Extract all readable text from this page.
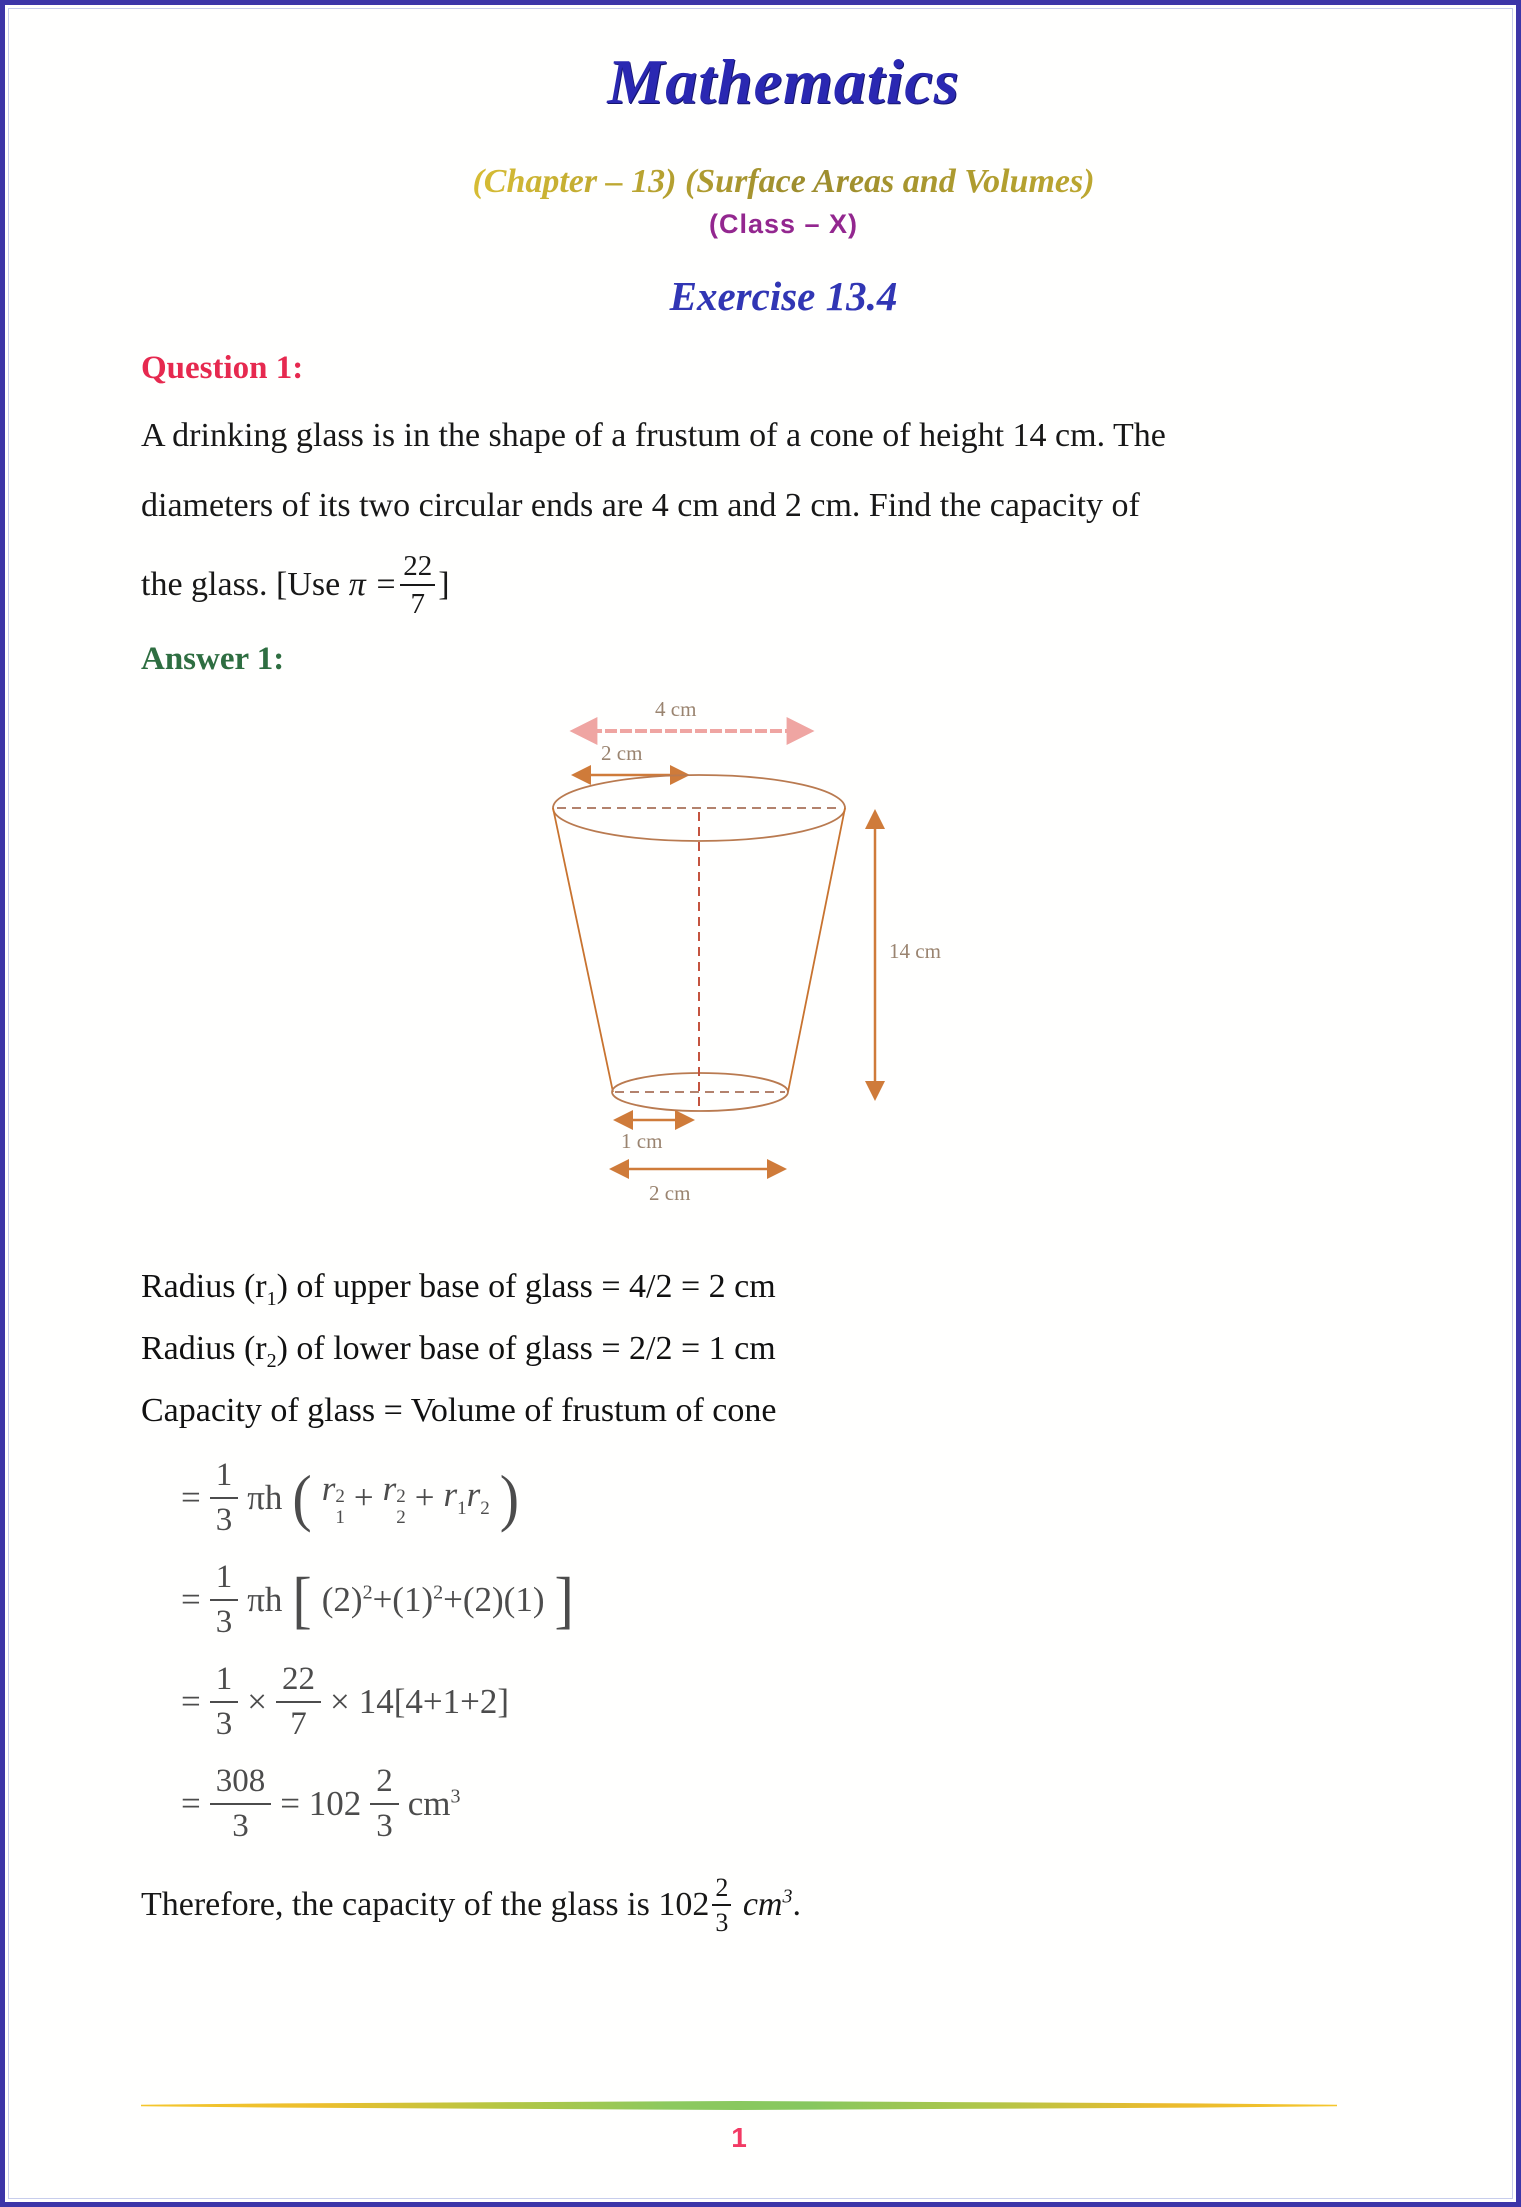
Mathematics
(Chapter – 13) (Surface Areas and Volumes)
(Class – X)
Exercise 13.4
Question 1:
A drinking glass is in the shape of a frustum of a cone of height 14 cm. The
diameters of its two circular ends are 4 cm and 2 cm. Find the capacity of
the glass. [Use $\pi = \frac{22}{7}$ ]
Answer 1:
4 cm
2 cm
14 cm
1 cm
2 cm
Radius $(r_1)$ of upper base of glass = 4/2 = 2 cm
Radius $(r_2)$ of lower base of glass = 2/2 = 1 cm
Capacity of glass = Volume of frustum of cone
= $\frac{1}{3}$ πh ( r 2
1
+ r 2
2
+ $r_1r_2$ )
= $\frac{1}{3}$ πh [ $(2)^2+(1)^2+(2)(1)$ ]
= $\frac{1}{3} \times \frac{22}{7} \times 14[4+1+2]$
= $\frac{308}{3} = 102 \frac{2}{3} cm^3$
Therefore, the capacity of the glass is $102 \frac{2}{3} cm^3$ .
1
